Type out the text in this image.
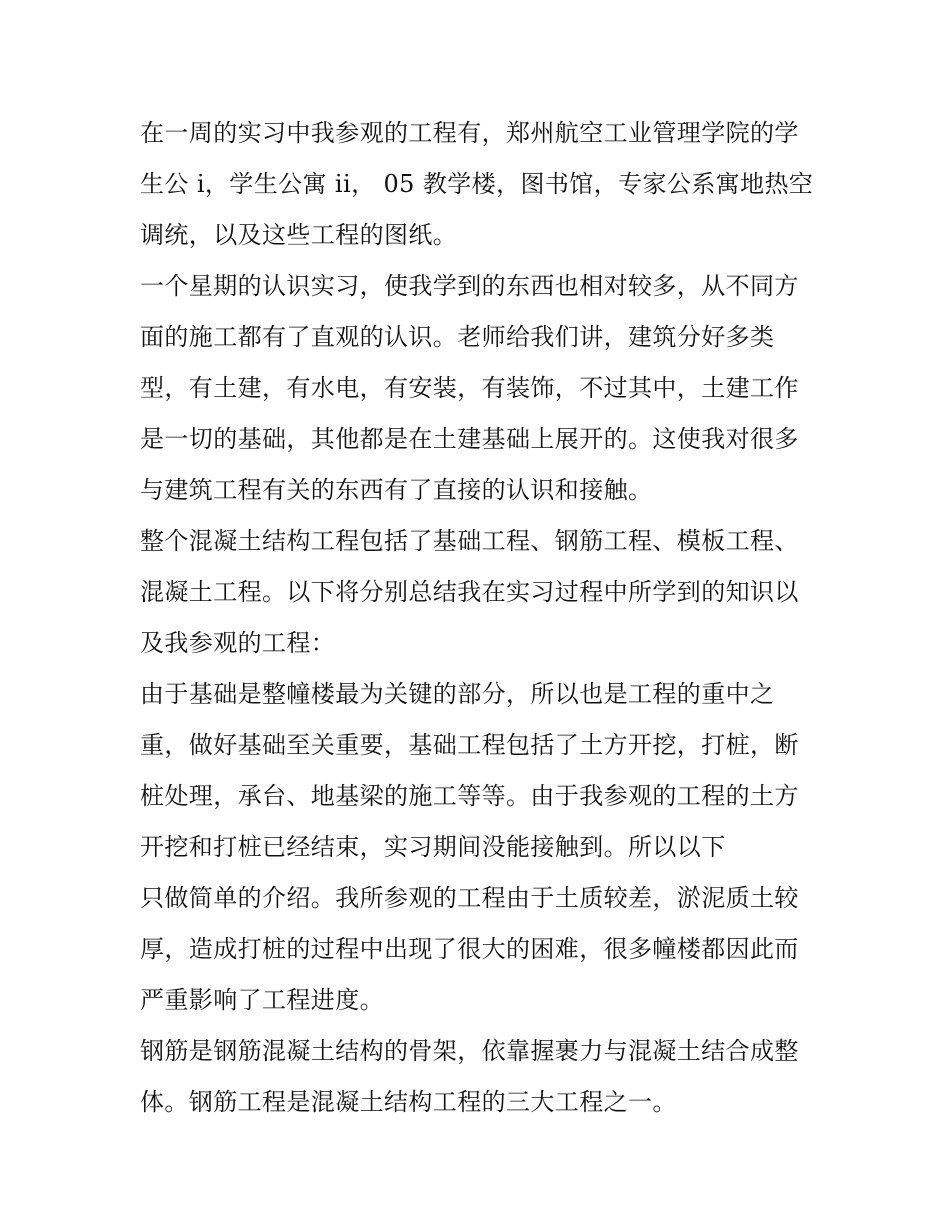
在一周的实习中我参观的工程有，郑州航空工业管理学院的学
生公 i，学生公寓 ii， 05 教学楼，图书馆，专家公系寓地热空
调统，以及这些工程的图纸。
一个星期的认识实习，使我学到的东西也相对较多，从不同方
面的施工都有了直观的认识。老师给我们讲，建筑分好多类
型，有土建，有水电，有安装，有装饰，不过其中，土建工作
是一切的基础，其他都是在土建基础上展开的。这使我对很多
与建筑工程有关的东西有了直接的认识和接触。
整个混凝土结构工程包括了基础工程、钢筋工程、模板工程、
混凝土工程。以下将分别总结我在实习过程中所学到的知识以
及我参观的工程：
由于基础是整幢楼最为关键的部分，所以也是工程的重中之
重，做好基础至关重要，基础工程包括了土方开挖，打桩，断
桩处理，承台、地基梁的施工等等。由于我参观的工程的土方
开挖和打桩已经结束，实习期间没能接触到。所以以下
只做简单的介绍。我所参观的工程由于土质较差，淤泥质土较
厚，造成打桩的过程中出现了很大的困难，很多幢楼都因此而
严重影响了工程进度。
钢筋是钢筋混凝土结构的骨架，依靠握裹力与混凝土结合成整
体。钢筋工程是混凝土结构工程的三大工程之一。
